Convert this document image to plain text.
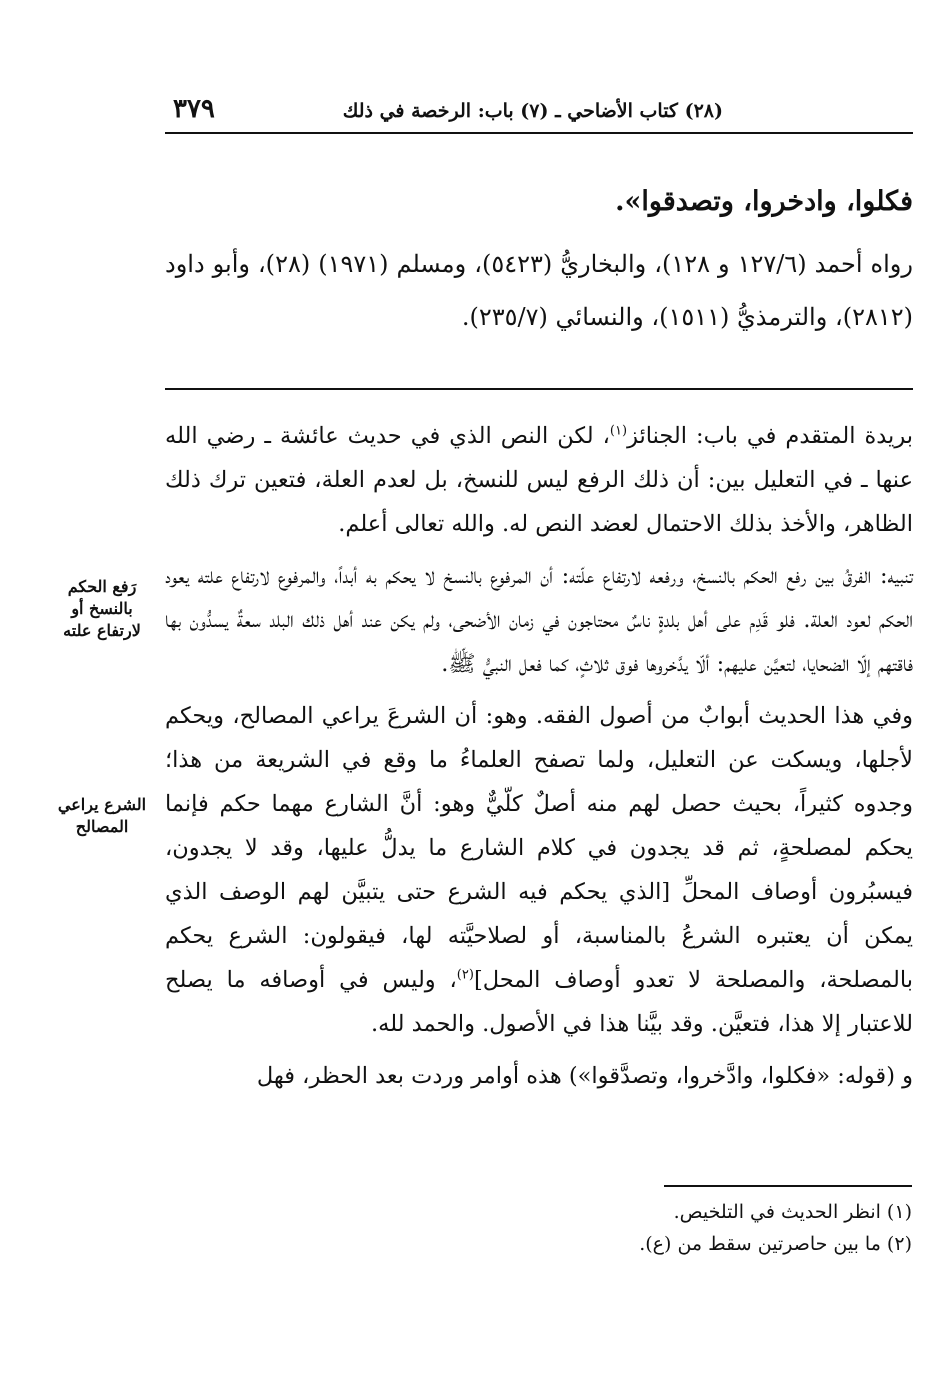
(٢٨) كتاب الأضاحي ـ (٧) باب: الرخصة في ذلك
٣٧٩

فكلوا، وادخروا، وتصدقوا».

رواه أحمد (١٢٧/٦ و ١٢٨)، والبخاريُّ (٥٤٢٣)، ومسلم (١٩٧١) (٢٨)، وأبو داود (٢٨١٢)، والترمذيُّ (١٥١١)، والنسائي (٢٣٥/٧).

بريدة المتقدم في باب: الجنائز$^{(١)}$، لكن النص الذي في حديث عائشة ـ رضي الله عنها ـ في التعليل بين: أن ذلك الرفع ليس للنسخ، بل لعدم العلة، فتعين ترك ذلك الظاهر، والأخذ بذلك الاحتمال لعضد النص له. والله تعالى أعلم.

تنبيه: الفرقُ بين رفع الحكم بالنسخ، ورفعه لارتفاع علّته: أن المرفوع بالنسخ لا يحكم به أبداً، والمرفوع لارتفاع علته يعود الحكم لعود العلة. فلو قَدِم على أهل بلدةٍ ناسٌ محتاجون في زمان الأضحى، ولم يكن عند أهل ذلك البلد سعةٌ يسدُّون بها فاقتهم إلّا الضحايا، لتعيَّن عليهم: ألّا يدَّخروها فوق ثلاثٍ، كما فعل النبيُّ ﷺ.

وفي هذا الحديث أبوابٌ من أصول الفقه. وهو: أن الشرعَ يراعي المصالح، ويحكم لأجلها، ويسكت عن التعليل، ولما تصفح العلماءُ ما وقع في الشريعة من هذا؛ وجدوه كثيراً، بحيث حصل لهم منه أصلٌ كلّيٌّ وهو: أنَّ الشارع مهما حكم فإنما يحكم لمصلحةٍ، ثم قد يجدون في كلام الشارع ما يدلُّ عليها، وقد لا يجدون، فيسبُرون أوصاف المحلِّ [الذي يحكم فيه الشرع حتى يتبيَّن لهم الوصف الذي يمكن أن يعتبره الشرعُ بالمناسبة، أو لصلاحيَّته لها، فيقولون: الشرع يحكم بالمصلحة، والمصلحة لا تعدو أوصاف المحل]$^{(٢)}$، وليس في أوصافه ما يصلح للاعتبار إلا هذا، فتعيَّن. وقد بيَّنا هذا في الأصول. والحمد لله.

و (قوله: «فكلوا، وادَّخروا، وتصدَّقوا») هذه أوامر وردت بعد الحظر، فهل

رَفع الحكم بالنسخ أو لارتفاع علته
الشرع يراعي المصالح

(١) انظر الحديث في التلخيص.

(٢) ما بين حاصرتين سقط من (ع).
